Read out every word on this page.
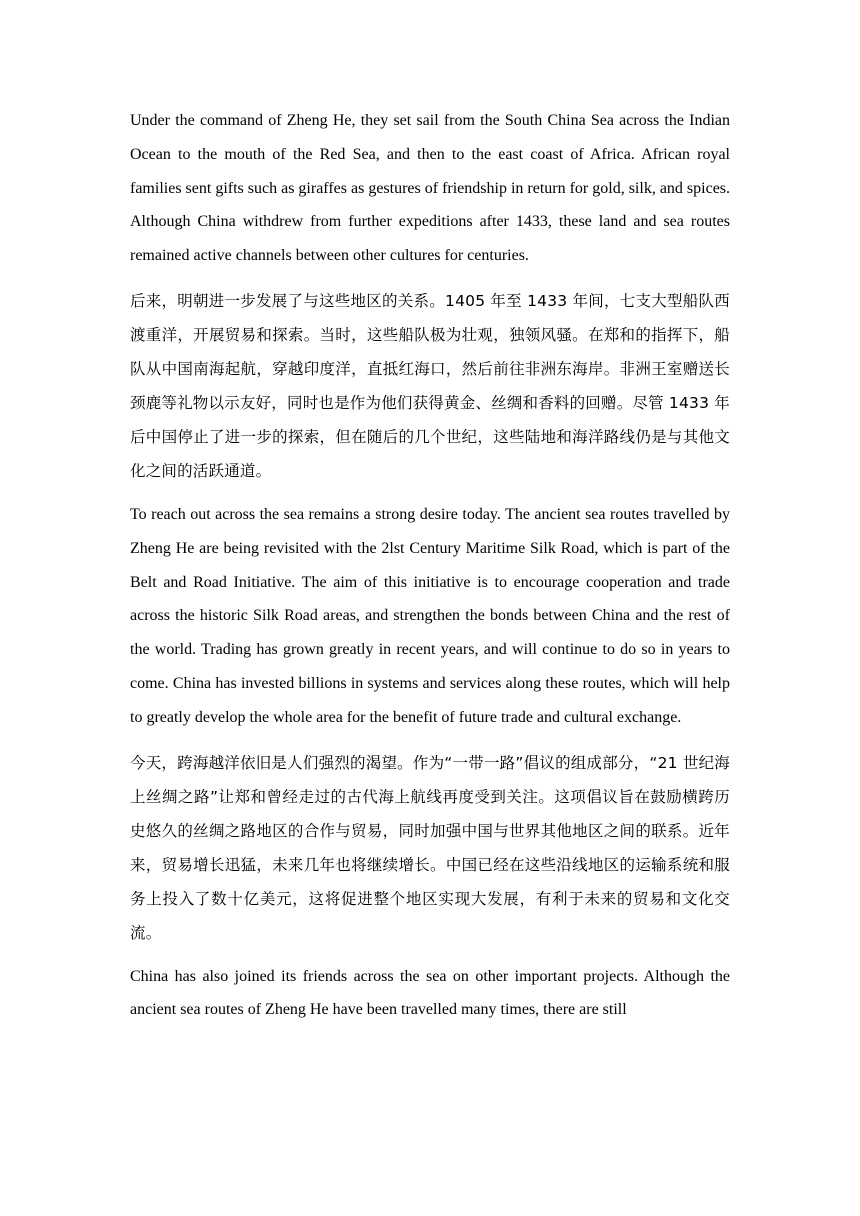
Under the command of Zheng He, they set sail from the South China Sea across the Indian Ocean to the mouth of the Red Sea, and then to the east coast of Africa. African royal families sent gifts such as giraffes as gestures of friendship in return for gold, silk, and spices. Although China withdrew from further expeditions after 1433, these land and sea routes remained active channels between other cultures for centuries.

后来，明朝进一步发展了与这些地区的关系。1405 年至 1433 年间，七支大型船队西渡重洋，开展贸易和探索。当时，这些船队极为壮观，独领风骚。在郑和的指挥下，船队从中国南海起航，穿越印度洋，直抵红海口，然后前往非洲东海岸。非洲王室赠送长颈鹿等礼物以示友好，同时也是作为他们获得黄金、丝绸和香料的回赠。尽管 1433 年后中国停止了进一步的探索，但在随后的几个世纪，这些陆地和海洋路线仍是与其他文化之间的活跃通道。

To reach out across the sea remains a strong desire today. The ancient sea routes travelled by Zheng He are being revisited with the 2lst Century Maritime Silk Road, which is part of the Belt and Road Initiative. The aim of this initiative is to encourage cooperation and trade across the historic Silk Road areas, and strengthen the bonds between China and the rest of the world. Trading has grown greatly in recent years, and will continue to do so in years to come. China has invested billions in systems and services along these routes, which will help to greatly develop the whole area for the benefit of future trade and cultural exchange.

今天，跨海越洋依旧是人们强烈的渴望。作为“一带一路”倡议的组成部分，“21 世纪海上丝绸之路”让郑和曾经走过的古代海上航线再度受到关注。这项倡议旨在鼓励横跨历史悠久的丝绸之路地区的合作与贸易，同时加强中国与世界其他地区之间的联系。近年来，贸易增长迅猛，未来几年也将继续增长。中国已经在这些沿线地区的运输系统和服务上投入了数十亿美元，这将促进整个地区实现大发展，有利于未来的贸易和文化交流。

China has also joined its friends across the sea on other important projects. Although the ancient sea routes of Zheng He have been travelled many times, there are still
